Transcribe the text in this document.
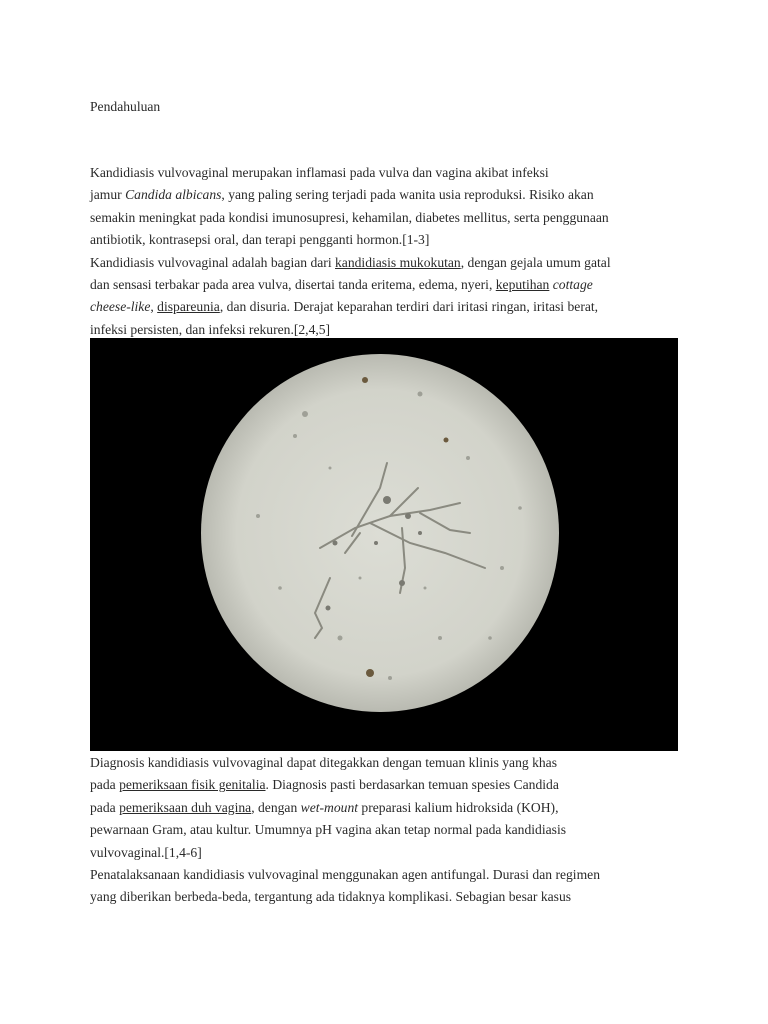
Pendahuluan
Kandidiasis vulvovaginal merupakan inflamasi pada vulva dan vagina akibat infeksi
jamur Candida albicans, yang paling sering terjadi pada wanita usia reproduksi. Risiko akan
semakin meningkat pada kondisi imunosupresi, kehamilan, diabetes mellitus, serta penggunaan
antibiotik, kontrasepsi oral, dan terapi pengganti hormon.[1-3]
Kandidiasis vulvovaginal adalah bagian dari kandidiasis mukokutan, dengan gejala umum gatal
dan sensasi terbakar pada area vulva, disertai tanda eritema, edema, nyeri, keputihan cottage
cheese-like, dispareunia, dan disuria. Derajat keparahan terdiri dari iritasi ringan, iritasi berat,
infeksi persisten, dan infeksi rekuren.[2,4,5]
Diagnosis kandidiasis vulvovaginal dapat ditegakkan dengan temuan klinis yang khas
pada pemeriksaan fisik genitalia. Diagnosis pasti berdasarkan temuan spesies Candida
pada pemeriksaan duh vagina, dengan wet-mount preparasi kalium hidroksida (KOH),
pewarnaan Gram, atau kultur. Umumnya pH vagina akan tetap normal pada kandidiasis
vulvovaginal.[1,4-6]
Penatalaksanaan kandidiasis vulvovaginal menggunakan agen antifungal. Durasi dan regimen
yang diberikan berbeda-beda, tergantung ada tidaknya komplikasi. Sebagian besar kasus
